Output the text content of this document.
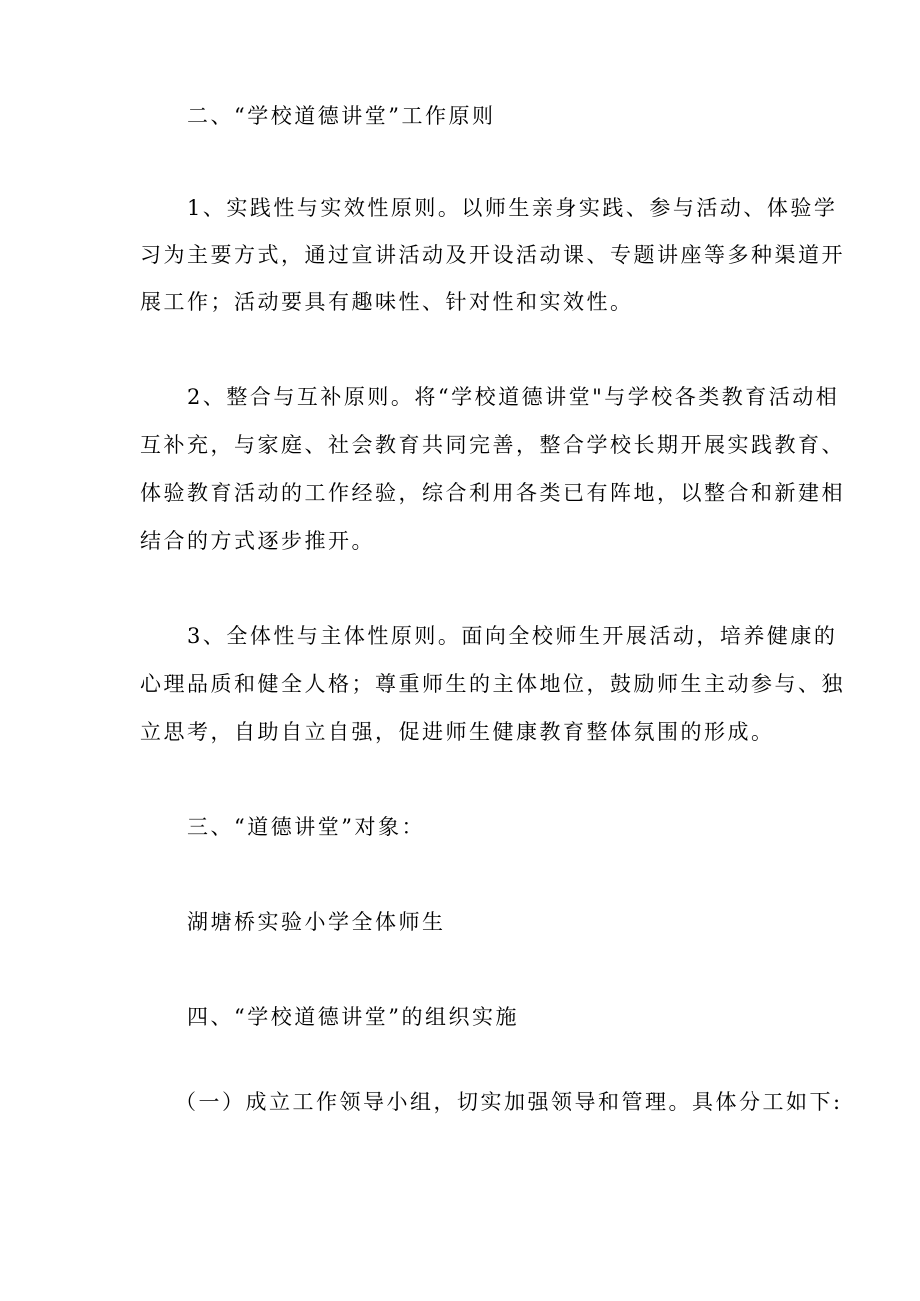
二、“学校道德讲堂”工作原则
1、实践性与实效性原则。以师生亲身实践、参与活动、体验学
习为主要方式，通过宣讲活动及开设活动课、专题讲座等多种渠道开
展工作；活动要具有趣味性、针对性和实效性。
2、整合与互补原则。将“学校道德讲堂"与学校各类教育活动相
互补充，与家庭、社会教育共同完善，整合学校长期开展实践教育、
体验教育活动的工作经验，综合利用各类已有阵地，以整合和新建相
结合的方式逐步推开。
3、全体性与主体性原则。面向全校师生开展活动，培养健康的
心理品质和健全人格；尊重师生的主体地位，鼓励师生主动参与、独
立思考，自助自立自强，促进师生健康教育整体氛围的形成。
三、“道德讲堂”对象：
湖塘桥实验小学全体师生
四、“学校道德讲堂”的组织实施
（一）成立工作领导小组，切实加强领导和管理。具体分工如下:
